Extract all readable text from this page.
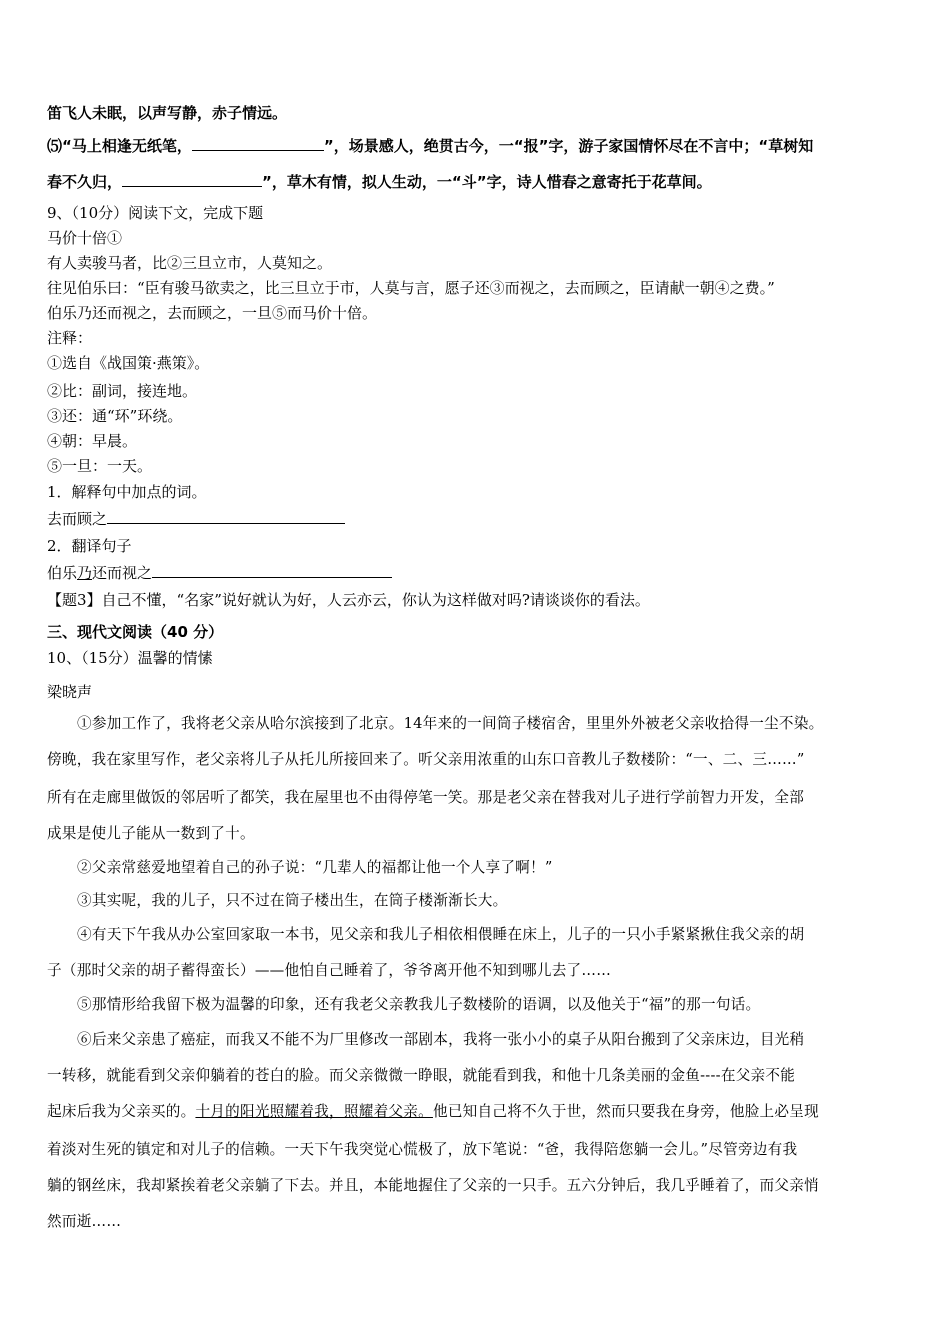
笛飞人未眠，以声写静，赤子情远。
⑸“马上相逢无纸笔，	”，场景感人，绝贯古今，一“报”字，游子家国情怀尽在不言中；“草树知
春不久归，	”，草木有情，拟人生动，一“斗”字，诗人惜春之意寄托于花草间。
9、（10分）阅读下文，完成下题
马价十倍①
有人卖骏马者，比②三旦立市，人莫知之。
往见伯乐曰：“臣有骏马欲卖之，比三旦立于市，人莫与言，愿子还③而视之，去而顾之，臣请献一朝④之费。”
伯乐乃还而视之，去而顾之，一旦⑤而马价十倍。
注释：
①选自《战国策·燕策》。
②比：副词，接连地。
③还：通“环”环绕。
④朝：早晨。
⑤一旦：一天。
1．解释句中加点的词。
去而顾之
2．翻译句子
伯乐乃还而视之
【题3】自己不懂，“名家”说好就认为好，人云亦云，你认为这样做对吗?请谈谈你的看法。
三、现代文阅读（40 分）
10、（15分）温馨的情愫
梁晓声
①参加工作了，我将老父亲从哈尔滨接到了北京。14年来的一间筒子楼宿舍，里里外外被老父亲收拾得一尘不染。
傍晚，我在家里写作，老父亲将儿子从托儿所接回来了。听父亲用浓重的山东口音教儿子数楼阶：“一、二、三……”
所有在走廊里做饭的邻居听了都笑，我在屋里也不由得停笔一笑。那是老父亲在替我对儿子进行学前智力开发，全部
成果是使儿子能从一数到了十。
②父亲常慈爱地望着自己的孙子说：“几辈人的福都让他一个人享了啊！”
③其实呢，我的儿子，只不过在筒子楼出生，在筒子楼渐渐长大。
④有天下午我从办公室回家取一本书，见父亲和我儿子相依相偎睡在床上，儿子的一只小手紧紧揪住我父亲的胡
子（那时父亲的胡子蓄得蛮长）——他怕自己睡着了，爷爷离开他不知到哪儿去了……
⑤那情形给我留下极为温馨的印象，还有我老父亲教我儿子数楼阶的语调，以及他关于“福”的那一句话。
⑥后来父亲患了癌症，而我又不能不为厂里修改一部剧本，我将一张小小的桌子从阳台搬到了父亲床边，目光稍
一转移，就能看到父亲仰躺着的苍白的脸。而父亲微微一睁眼，就能看到我，和他十几条美丽的金鱼----在父亲不能
起床后我为父亲买的。十月的阳光照耀着我，照耀着父亲。他已知自己将不久于世，然而只要我在身旁，他脸上必呈现
着淡对生死的镇定和对儿子的信赖。一天下午我突觉心慌极了，放下笔说：“爸，我得陪您躺一会儿。”尽管旁边有我
躺的钢丝床，我却紧挨着老父亲躺了下去。并且，本能地握住了父亲的一只手。五六分钟后，我几乎睡着了，而父亲悄
然而逝……
